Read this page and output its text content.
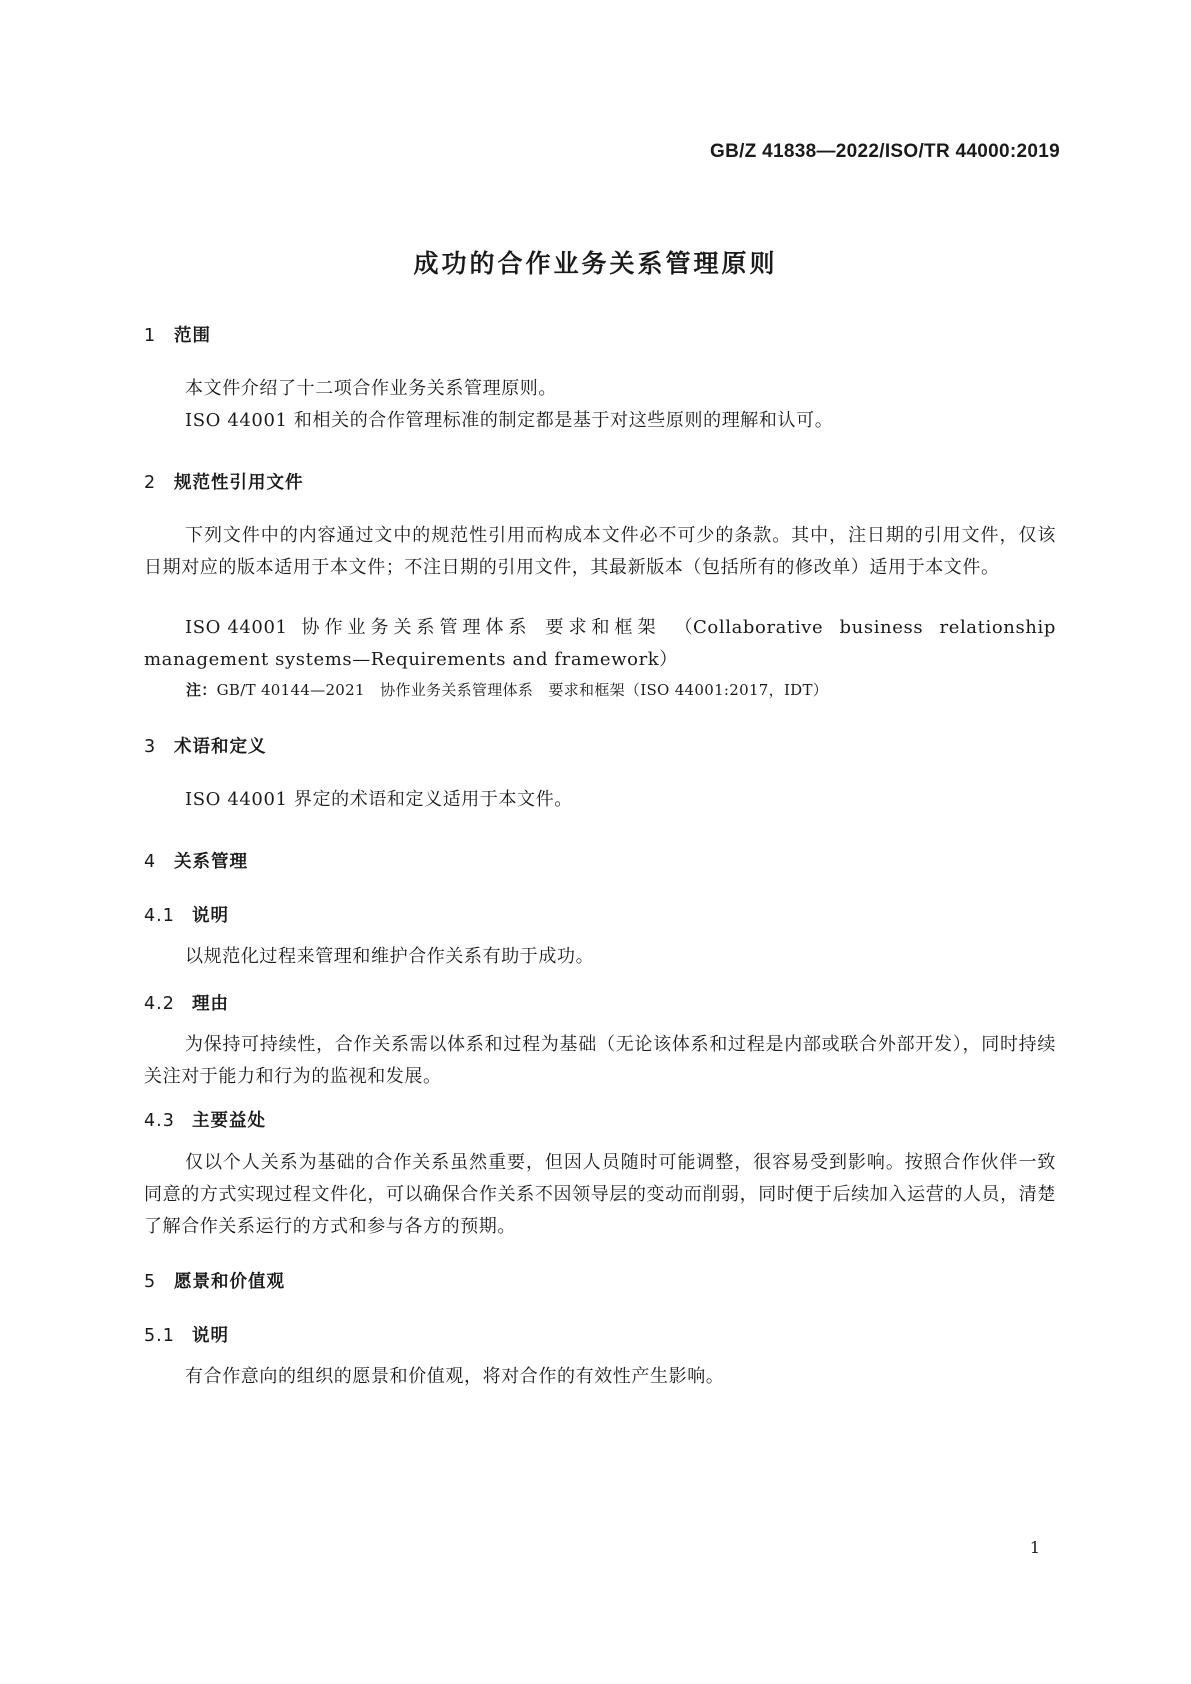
GB/Z 41838—2022/ISO/TR 44000:2019
成功的合作业务关系管理原则
1 范围
本文件介绍了十二项合作业务关系管理原则。
ISO 44001 和相关的合作管理标准的制定都是基于对这些原则的理解和认可。
2 规范性引用文件
下列文件中的内容通过文中的规范性引用而构成本文件必不可少的条款。其中，注日期的引用文件，仅该日期对应的版本适用于本文件；不注日期的引用文件，其最新版本（包括所有的修改单）适用于本文件。
ISO 44001 协作业务关系管理体系 要求和框架 （Collaborative business relationship
management systems—Requirements and framework）
注：GB/T 40144—2021　协作业务关系管理体系　要求和框架（ISO 44001:2017，IDT）
3 术语和定义
ISO 44001 界定的术语和定义适用于本文件。
4 关系管理
4.1 说明
以规范化过程来管理和维护合作关系有助于成功。
4.2 理由
为保持可持续性，合作关系需以体系和过程为基础（无论该体系和过程是内部或联合外部开发），同时持续关注对于能力和行为的监视和发展。
4.3 主要益处
仅以个人关系为基础的合作关系虽然重要，但因人员随时可能调整，很容易受到影响。按照合作伙伴一致同意的方式实现过程文件化，可以确保合作关系不因领导层的变动而削弱，同时便于后续加入运营的人员，清楚了解合作关系运行的方式和参与各方的预期。
5 愿景和价值观
5.1 说明
有合作意向的组织的愿景和价值观，将对合作的有效性产生影响。
1
